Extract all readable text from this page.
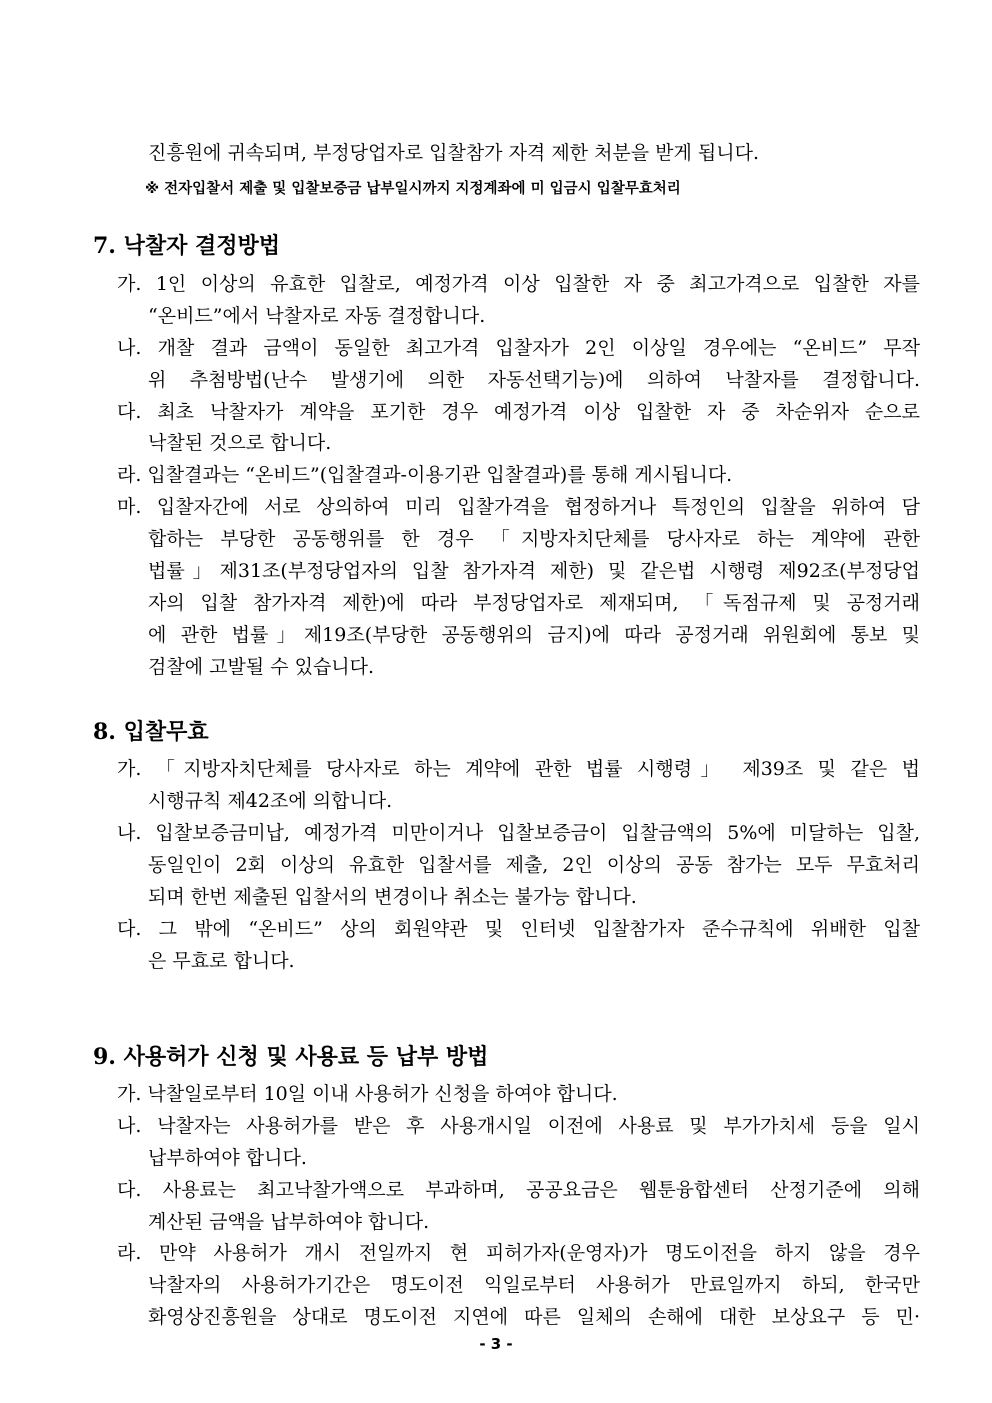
진흥원에 귀속되며, 부정당업자로 입찰참가 자격 제한 처분을 받게 됩니다.
※ 전자입찰서 제출 및 입찰보증금 납부일시까지 지정계좌에 미 입금시 입찰무효처리
7. 낙찰자 결정방법
가. 1인 이상의 유효한 입찰로, 예정가격 이상 입찰한 자 중 최고가격으로 입찰한 자를
“온비드”에서 낙찰자로 자동 결정합니다.
나. 개찰 결과 금액이 동일한 최고가격 입찰자가 2인 이상일 경우에는 “온비드” 무작
위 추첨방법(난수 발생기에 의한 자동선택기능)에 의하여 낙찰자를 결정합니다.
다. 최초 낙찰자가 계약을 포기한 경우 예정가격 이상 입찰한 자 중 차순위자 순으로
낙찰된 것으로 합니다.
라. 입찰결과는 “온비드”(입찰결과-이용기관 입찰결과)를 통해 게시됩니다.
마. 입찰자간에 서로 상의하여 미리 입찰가격을 협정하거나 특정인의 입찰을 위하여 담
합하는 부당한 공동행위를 한 경우 「지방자치단체를 당사자로 하는 계약에 관한
법률」제31조(부정당업자의 입찰 참가자격 제한) 및 같은법 시행령 제92조(부정당업
자의 입찰 참가자격 제한)에 따라 부정당업자로 제재되며, 「독점규제 및 공정거래
에 관한 법률」제19조(부당한 공동행위의 금지)에 따라 공정거래 위원회에 통보 및
검찰에 고발될 수 있습니다.
8. 입찰무효
가. 「지방자치단체를 당사자로 하는 계약에 관한 법률 시행령」 제39조 및 같은 법
시행규칙 제42조에 의합니다.
나. 입찰보증금미납, 예정가격 미만이거나 입찰보증금이 입찰금액의 5%에 미달하는 입찰,
동일인이 2회 이상의 유효한 입찰서를 제출, 2인 이상의 공동 참가는 모두 무효처리
되며 한번 제출된 입찰서의 변경이나 취소는 불가능 합니다.
다. 그 밖에 “온비드” 상의 회원약관 및 인터넷 입찰참가자 준수규칙에 위배한 입찰
은 무효로 합니다.
9. 사용허가 신청 및 사용료 등 납부 방법
가. 낙찰일로부터 10일 이내 사용허가 신청을 하여야 합니다.
나. 낙찰자는 사용허가를 받은 후 사용개시일 이전에 사용료 및 부가가치세 등을 일시
납부하여야 합니다.
다. 사용료는 최고낙찰가액으로 부과하며, 공공요금은 웹툰융합센터 산정기준에 의해
계산된 금액을 납부하여야 합니다.
라. 만약 사용허가 개시 전일까지 현 피허가자(운영자)가 명도이전을 하지 않을 경우
낙찰자의 사용허가기간은 명도이전 익일로부터 사용허가 만료일까지 하되, 한국만
화영상진흥원을 상대로 명도이전 지연에 따른 일체의 손해에 대한 보상요구 등 민·
- 3 -
